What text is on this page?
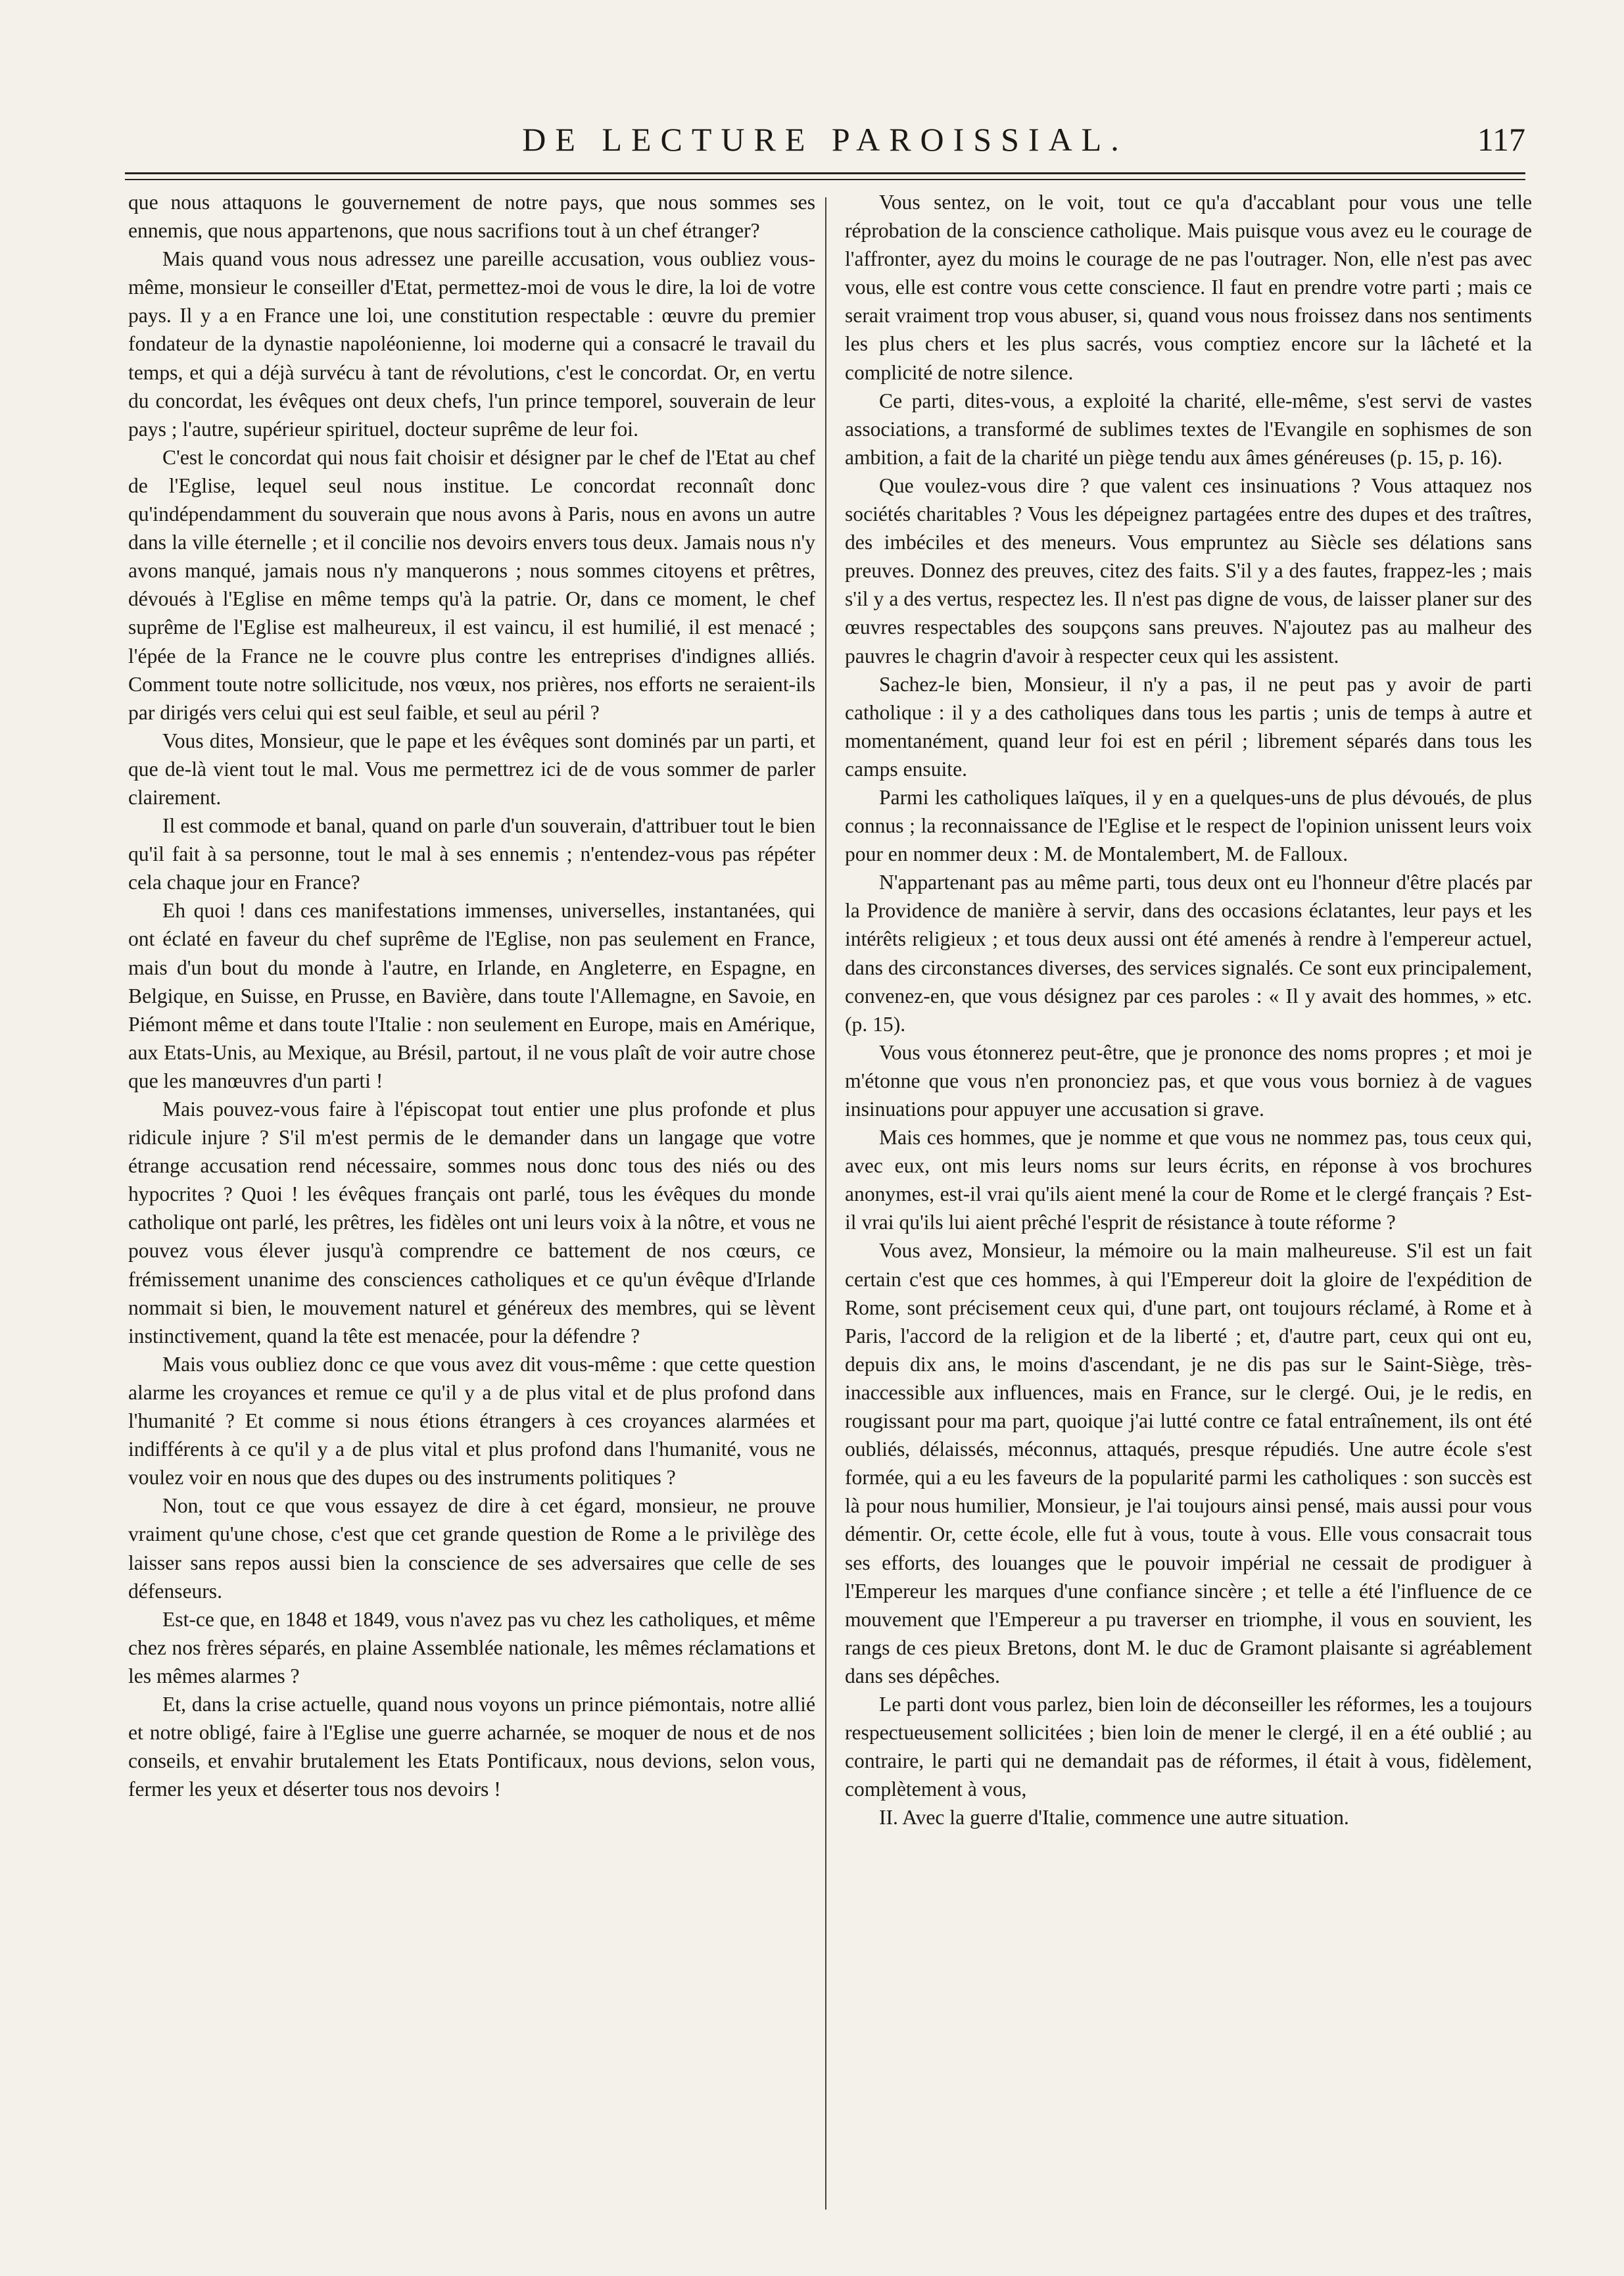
DE LECTURE PAROISSIAL.	117

que nous attaquons le gouvernement de notre pays, que nous sommes ses ennemis, que nous appartenons, que nous sacrifions tout à un chef étranger?

Mais quand vous nous adressez une pareille accusation, vous oubliez vous-même, monsieur le conseiller d'Etat, permettez-moi de vous le dire, la loi de votre pays. Il y a en France une loi, une constitution respectable : œuvre du premier fondateur de la dynastie napoléonienne, loi moderne qui a consacré le travail du temps, et qui a déjà survécu à tant de révolutions, c'est le concordat. Or, en vertu du concordat, les évêques ont deux chefs, l'un prince temporel, souverain de leur pays ; l'autre, supérieur spirituel, docteur suprême de leur foi.

C'est le concordat qui nous fait choisir et désigner par le chef de l'Etat au chef de l'Eglise, lequel seul nous institue. Le concordat reconnaît donc qu'indépendamment du souverain que nous avons à Paris, nous en avons un autre dans la ville éternelle ; et il concilie nos devoirs envers tous deux. Jamais nous n'y avons manqué, jamais nous n'y manquerons ; nous sommes citoyens et prêtres, dévoués à l'Eglise en même temps qu'à la patrie. Or, dans ce moment, le chef suprême de l'Eglise est malheureux, il est vaincu, il est humilié, il est menacé ; l'épée de la France ne le couvre plus contre les entreprises d'indignes alliés. Comment toute notre sollicitude, nos vœux, nos prières, nos efforts ne seraient-ils par dirigés vers celui qui est seul faible, et seul au péril ?

Vous dites, Monsieur, que le pape et les évêques sont dominés par un parti, et que de-là vient tout le mal. Vous me permettrez ici de de vous sommer de parler clairement.

Il est commode et banal, quand on parle d'un souverain, d'attribuer tout le bien qu'il fait à sa personne, tout le mal à ses ennemis ; n'entendez-vous pas répéter cela chaque jour en France?

Eh quoi ! dans ces manifestations immenses, universelles, instantanées, qui ont éclaté en faveur du chef suprême de l'Eglise, non pas seulement en France, mais d'un bout du monde à l'autre, en Irlande, en Angleterre, en Espagne, en Belgique, en Suisse, en Prusse, en Bavière, dans toute l'Allemagne, en Savoie, en Piémont même et dans toute l'Italie : non seulement en Europe, mais en Amérique, aux Etats-Unis, au Mexique, au Brésil, partout, il ne vous plaît de voir autre chose que les manœuvres d'un parti !

Mais pouvez-vous faire à l'épiscopat tout entier une plus profonde et plus ridicule injure ? S'il m'est permis de le demander dans un langage que votre étrange accusation rend nécessaire, sommes nous donc tous des niés ou des hypocrites ? Quoi ! les évêques français ont parlé, tous les évêques du monde catholique ont parlé, les prêtres, les fidèles ont uni leurs voix à la nôtre, et vous ne pouvez vous élever jusqu'à comprendre ce battement de nos cœurs, ce frémissement unanime des consciences catholiques et ce qu'un évêque d'Irlande nommait si bien, le mouvement naturel et généreux des membres, qui se lèvent instinctivement, quand la tête est menacée, pour la défendre ?

Mais vous oubliez donc ce que vous avez dit vous-même : que cette question alarme les croyances et remue ce qu'il y a de plus vital et de plus profond dans l'humanité ? Et comme si nous étions étrangers à ces croyances alarmées et indifférents à ce qu'il y a de plus vital et plus profond dans l'humanité, vous ne voulez voir en nous que des dupes ou des instruments politiques ?

Non, tout ce que vous essayez de dire à cet égard, monsieur, ne prouve vraiment qu'une chose, c'est que cet grande question de Rome a le privilège des laisser sans repos aussi bien la conscience de ses adversaires que celle de ses défenseurs.

Est-ce que, en 1848 et 1849, vous n'avez pas vu chez les catholiques, et même chez nos frères séparés, en plaine Assemblée nationale, les mêmes réclamations et les mêmes alarmes ?

Et, dans la crise actuelle, quand nous voyons un prince piémontais, notre allié et notre obligé, faire à l'Eglise une guerre acharnée, se moquer de nous et de nos conseils, et envahir brutalement les Etats Pontificaux, nous devions, selon vous, fermer les yeux et déserter tous nos devoirs !

Vous sentez, on le voit, tout ce qu'a d'accablant pour vous une telle réprobation de la conscience catholique. Mais puisque vous avez eu le courage de l'affronter, ayez du moins le courage de ne pas l'outrager. Non, elle n'est pas avec vous, elle est contre vous cette conscience. Il faut en prendre votre parti ; mais ce serait vraiment trop vous abuser, si, quand vous nous froissez dans nos sentiments les plus chers et les plus sacrés, vous comptiez encore sur la lâcheté et la complicité de notre silence.

Ce parti, dites-vous, a exploité la charité, elle-même, s'est servi de vastes associations, a transformé de sublimes textes de l'Evangile en sophismes de son ambition, a fait de la charité un piège tendu aux âmes généreuses (p. 15, p. 16).

Que voulez-vous dire ? que valent ces insinuations ? Vous attaquez nos sociétés charitables ? Vous les dépeignez partagées entre des dupes et des traîtres, des imbéciles et des meneurs. Vous empruntez au Siècle ses délations sans preuves. Donnez des preuves, citez des faits. S'il y a des fautes, frappez-les ; mais s'il y a des vertus, respectez les. Il n'est pas digne de vous, de laisser planer sur des œuvres respectables des soupçons sans preuves. N'ajoutez pas au malheur des pauvres le chagrin d'avoir à respecter ceux qui les assistent.

Sachez-le bien, Monsieur, il n'y a pas, il ne peut pas y avoir de parti catholique : il y a des catholiques dans tous les partis ; unis de temps à autre et momentanément, quand leur foi est en péril ; librement séparés dans tous les camps ensuite.

Parmi les catholiques laïques, il y en a quelques-uns de plus dévoués, de plus connus ; la reconnaissance de l'Eglise et le respect de l'opinion unissent leurs voix pour en nommer deux : M. de Montalembert, M. de Falloux.

N'appartenant pas au même parti, tous deux ont eu l'honneur d'être placés par la Providence de manière à servir, dans des occasions éclatantes, leur pays et les intérêts religieux ; et tous deux aussi ont été amenés à rendre à l'empereur actuel, dans des circonstances diverses, des services signalés. Ce sont eux principalement, convenez-en, que vous désignez par ces paroles : « Il y avait des hommes, » etc. (p. 15).

Vous vous étonnerez peut-être, que je prononce des noms propres ; et moi je m'étonne que vous n'en prononciez pas, et que vous vous borniez à de vagues insinuations pour appuyer une accusation si grave.

Mais ces hommes, que je nomme et que vous ne nommez pas, tous ceux qui, avec eux, ont mis leurs noms sur leurs écrits, en réponse à vos brochures anonymes, est-il vrai qu'ils aient mené la cour de Rome et le clergé français ? Est-il vrai qu'ils lui aient prêché l'esprit de résistance à toute réforme ?

Vous avez, Monsieur, la mémoire ou la main malheureuse. S'il est un fait certain c'est que ces hommes, à qui l'Empereur doit la gloire de l'expédition de Rome, sont précisement ceux qui, d'une part, ont toujours réclamé, à Rome et à Paris, l'accord de la religion et de la liberté ; et, d'autre part, ceux qui ont eu, depuis dix ans, le moins d'ascendant, je ne dis pas sur le Saint-Siège, très-inaccessible aux influences, mais en France, sur le clergé. Oui, je le redis, en rougissant pour ma part, quoique j'ai lutté contre ce fatal entraînement, ils ont été oubliés, délaissés, méconnus, attaqués, presque répudiés. Une autre école s'est formée, qui a eu les faveurs de la popularité parmi les catholiques : son succès est là pour nous humilier, Monsieur, je l'ai toujours ainsi pensé, mais aussi pour vous démentir. Or, cette école, elle fut à vous, toute à vous. Elle vous consacrait tous ses efforts, des louanges que le pouvoir impérial ne cessait de prodiguer à l'Empereur les marques d'une confiance sincère ; et telle a été l'influence de ce mouvement que l'Empereur a pu traverser en triomphe, il vous en souvient, les rangs de ces pieux Bretons, dont M. le duc de Gramont plaisante si agréablement dans ses dépêches.

Le parti dont vous parlez, bien loin de déconseiller les réformes, les a toujours respectueusement sollicitées ; bien loin de mener le clergé, il en a été oublié ; au contraire, le parti qui ne demandait pas de réformes, il était à vous, fidèlement, complètement à vous,

II. Avec la guerre d'Italie, commence une autre situation.
